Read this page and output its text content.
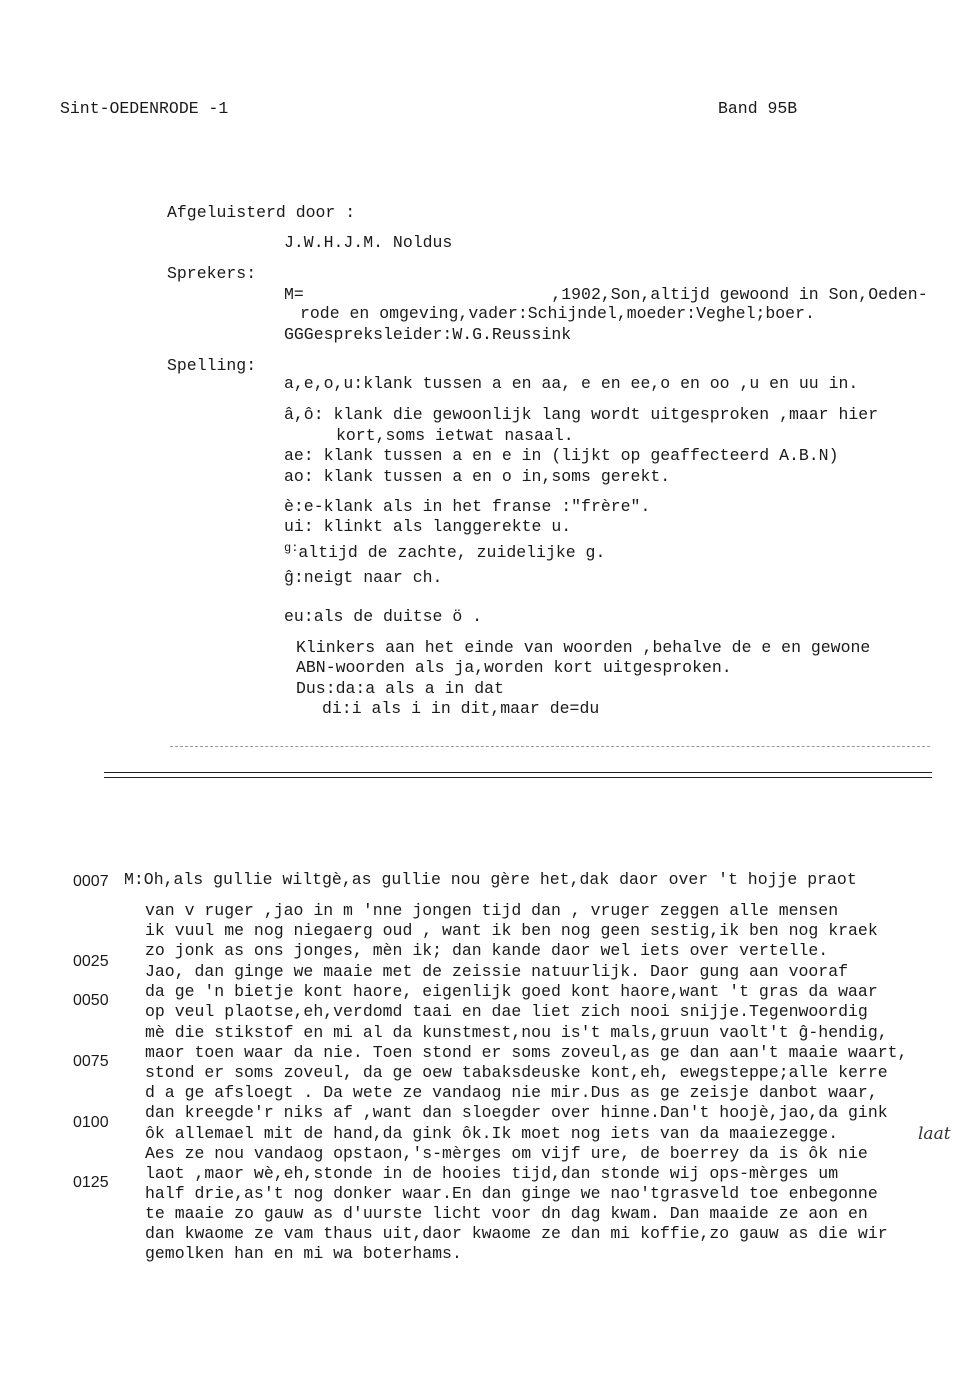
Sint-OEDENRODE -1	Band 95B
Afgeluisterd door :
J.W.H.J.M. Noldus
Sprekers:
M=                         ,1902,Son,altijd gewoond in Son,Oeden-
rode en omgeving,vader:Schijndel,moeder:Veghel;boer.
GGGespreksleider:W.G.Reussink
Spelling:
a,e,o,u:klank tussen a en aa, e en ee,o en oo ,u en uu in.
â,ô: klank die gewoonlijk lang wordt uitgesproken ,maar hier
kort,soms ietwat nasaal.
ae: klank tussen a en e in (lijkt op geaffecteerd A.B.N)
ao: klank tussen a en o in,soms gerekt.
è:e-klank als in het franse :"frère".
ui: klinkt als langgerekte u.
$^{g:}$altijd de zachte, zuidelijke g.
ĝ:neigt naar ch.
eu:als de duitse ö .
Klinkers aan het einde van woorden ,behalve de e en gewone
ABN-woorden als ja,worden kort uitgesproken.
Dus:da:a als a in dat
di:i als i in dit,maar de=du
0007
0025
0050
0075
0100
0125
M:Oh,als gullie wiltgè,as gullie nou gère het,dak daor over 't hojje praot
van v ruger ,jao in m 'nne jongen tijd dan , vruger zeggen alle mensen
ik vuul me nog niegaerg oud , want ik ben nog geen sestig,ik ben nog kraek
zo jonk as ons jonges, mèn ik; dan kande daor wel iets over vertelle.
Jao, dan ginge we maaie met de zeissie natuurlijk. Daor gung aan vooraf
da ge 'n bietje kont haore, eigenlijk goed kont haore,want 't gras da waar
op veul plaotse,eh,verdomd taai en dae liet zich nooi snijje.Tegenwoordig
mè die stikstof en mi al da kunstmest,nou is't mals,gruun vaolt't ĝ-hendig,
maor toen waar da nie. Toen stond er soms zoveul,as ge dan aan't maaie waart,
stond er soms zoveul, da ge oew tabaksdeuske kont,eh, ewegsteppe;alle kerre
d a ge afsloegt . Da wete ze vandaog nie mir.Dus as ge zeisje danbot waar,
dan kreegde'r niks af ,want dan sloegder over hinne.Dan't hoojè,jao,da gink
ôk allemael mit de hand,da gink ôk.Ik moet nog iets van da maaiezegge.
Aes ze nou vandaog opstaon,'s-mèrges om vijf ure, de boerrey da is ôk nie
laot ,maor wè,eh,stonde in de hooies tijd,dan stonde wij ops-mèrges um
half drie,as't nog donker waar.En dan ginge we nao'tgrasveld toe enbegonne
te maaie zo gauw as d'uurste licht voor dn dag kwam. Dan maaide ze aon en
dan kwaome ze vam thaus uit,daor kwaome ze dan mi koffie,zo gauw as die wir
gemolken han en mi wa boterhams.
laat
